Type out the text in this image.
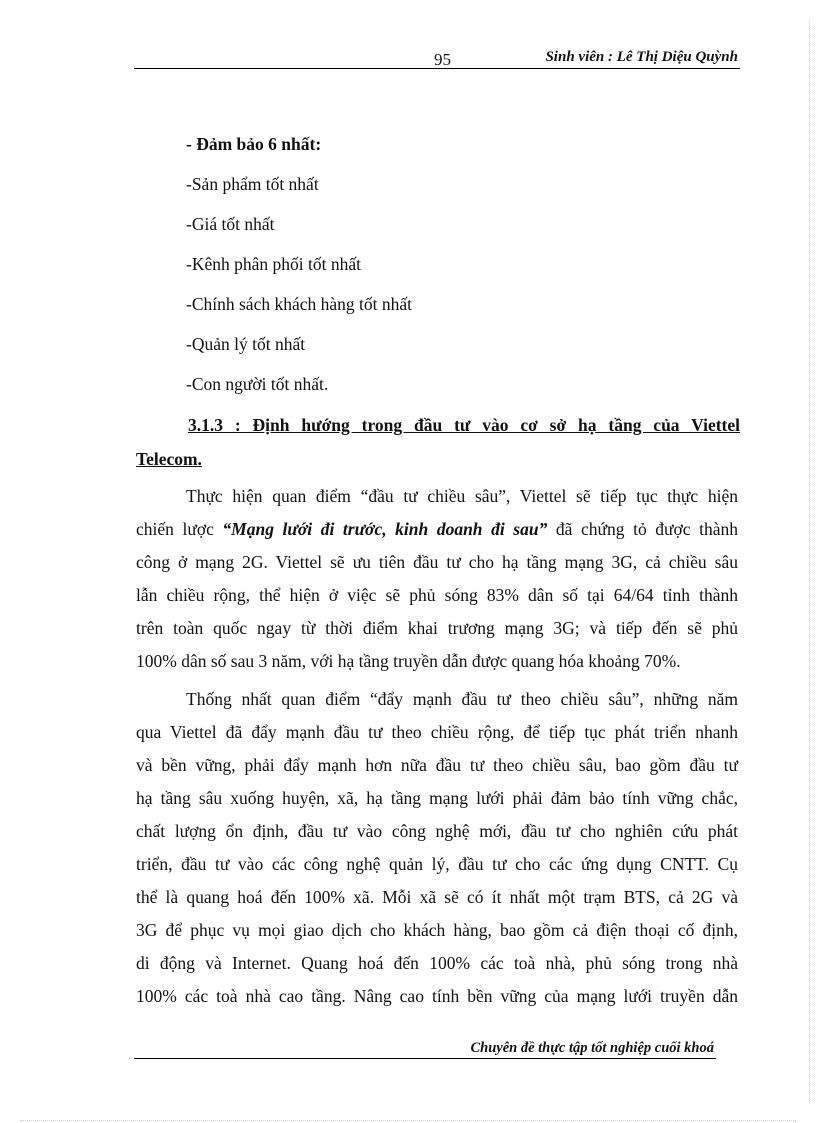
95	Sinh viên : Lê Thị Diệu Quỳnh
- Đảm bảo 6 nhất:
-Sản phẩm tốt nhất
-Giá tốt nhất
-Kênh phân phối tốt nhất
-Chính sách khách hàng tốt nhất
-Quản lý tốt nhất
-Con người tốt nhất.
3.1.3 : Định hướng trong đầu tư vào cơ sở hạ tầng của Viettel
Telecom.
Thực hiện quan điểm “đầu tư chiều sâu”, Viettel sẽ tiếp tục thực hiện
chiến lược “Mạng lưới đi trước, kinh doanh đi sau” đã chứng tỏ được thành
công ở mạng 2G. Viettel sẽ ưu tiên đầu tư cho hạ tầng mạng 3G, cả chiều sâu
lẫn chiều rộng, thể hiện ở việc sẽ phủ sóng 83% dân số tại 64/64 tỉnh thành
trên toàn quốc ngay từ thời điểm khai trương mạng 3G; và tiếp đến sẽ phủ
100% dân số sau 3 năm, với hạ tầng truyền dẫn được quang hóa khoảng 70%.
Thống nhất quan điểm “đẩy mạnh đầu tư theo chiều sâu”, những năm
qua Viettel đã đẩy mạnh đầu tư theo chiều rộng, để tiếp tục phát triển nhanh
và bền vững, phải đẩy mạnh hơn nữa đầu tư theo chiều sâu, bao gồm đầu tư
hạ tầng sâu xuống huyện, xã, hạ tầng mạng lưới phải đảm bảo tính vững chắc,
chất lượng ổn định, đầu tư vào công nghệ mới, đầu tư cho nghiên cứu phát
triển, đầu tư vào các công nghệ quản lý, đầu tư cho các ứng dụng CNTT. Cụ
thể là quang hoá đến 100% xã. Mỗi xã sẽ có ít nhất một trạm BTS, cả 2G và
3G để phục vụ mọi giao dịch cho khách hàng, bao gồm cả điện thoại cố định,
di động và Internet. Quang hoá đến 100% các toà nhà, phủ sóng trong nhà
100% các toà nhà cao tầng. Nâng cao tính bền vững của mạng lưới truyền dẫn
Chuyên đề thực tập tốt nghiệp cuối khoá
